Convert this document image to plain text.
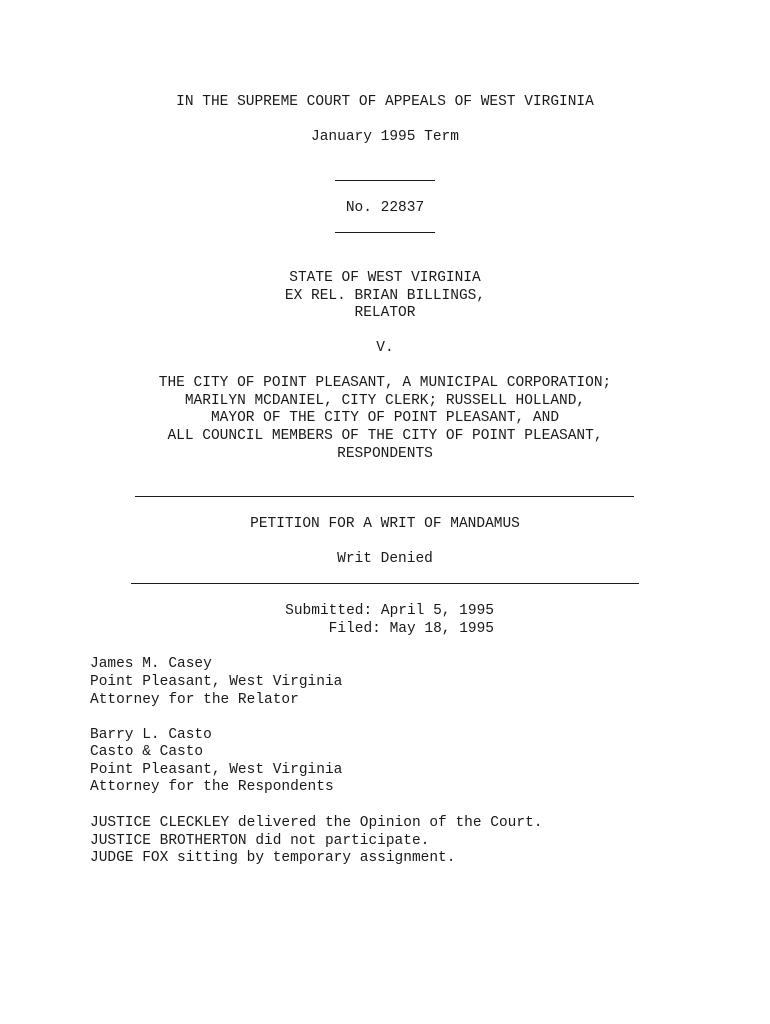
IN THE SUPREME COURT OF APPEALS OF WEST VIRGINIA
January 1995 Term
No. 22837
STATE OF WEST VIRGINIA
EX REL. BRIAN BILLINGS,
RELATOR
V.
THE CITY OF POINT PLEASANT, A MUNICIPAL CORPORATION;
MARILYN MCDANIEL, CITY CLERK; RUSSELL HOLLAND,
MAYOR OF THE CITY OF POINT PLEASANT, AND
ALL COUNCIL MEMBERS OF THE CITY OF POINT PLEASANT,
RESPONDENTS
PETITION FOR A WRIT OF MANDAMUS
Writ Denied
Submitted: April 5, 1995
Filed: May 18, 1995
James M. Casey
Point Pleasant, West Virginia
Attorney for the Relator
Barry L. Casto
Casto & Casto
Point Pleasant, West Virginia
Attorney for the Respondents
JUSTICE CLECKLEY delivered the Opinion of the Court.
JUSTICE BROTHERTON did not participate.
JUDGE FOX sitting by temporary assignment.
